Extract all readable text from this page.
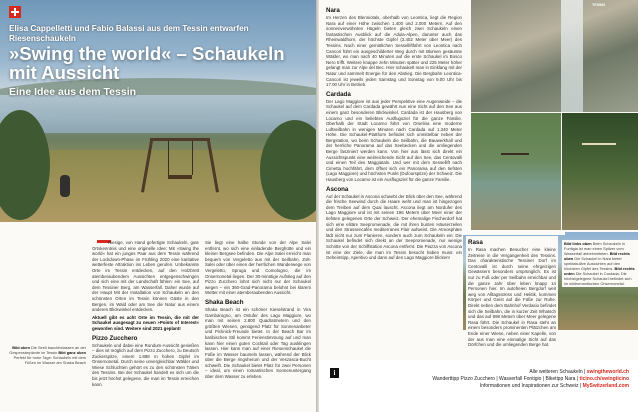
Elisa Cappelletti und Fabio Balassi aus dem Tessin entwarfen Riesenschaukeln
»Swing the world« – Schaukeln mit Aussicht
Eine Idee aus dem Tessin
Bild oben Die Seeli bauchbelassen an der Gespensterplante im Tessin Bild ganz oben Perfekt für hohe Tage: Schaukeln mit dem Füßen im Wasser am Shaka Beach

Riesige, von Hand gefertigte Schaukeln, gute Ortskenntnis und eine originelle Idee: Mit »Swing the world« hat ein junges Paar aus dem Tessin während der Lockdown-Phase im Frühling 2020 eine karitative wetterfeste Attraktion ins Leben gerufen. Unbekannte Orte im Tessin entdecken, auf den Holzbrett atemberaubendem Aussichten entgegenschwingen und sich eine mit der Landschaft fühlen: ein See, auf dem Tessiner Berg, am Wasserfall. Daher wurde auf der Haupt Mit der Installation von Schaukeln an den schönsten Orten im Tessin können Gäste in den Bergen, im Wald oder am See die Natur aus einem anderen Blickwinkel entdecken.

Aktuell gibt es acht Orte im Tessin, die mit der Schaukel ausgesagt zu neuen »Points of Interest« geworden sind. Weitere sind 2021 geplant!

Pizzo Zucchero

Schaukeln und dabei eine Rundum-Aussicht genießen – dies ist möglich auf dem Pizzo Zucchero, zu Deutsch Zuckerspitze, einem 1.888 m hohen Gipfel im Onsernonetal. Durch seine unvergleichbar Wälder und Wiese Schluchten gehört es zu den schönsten Tälern des Tessins. Bei der Schaukel handelt es sich um die bis jetzt höchst gelegene, die man im Tessin erreichen kann.

Sie liegt eine halbe Stunde von der Alpe Salei entfernt, wo sich eine einladende Berghütte und ein kleiner Bergsee befinden. Die Alpe Salei erreicht man bequem von Vergeletto aus mit der Seilbahn. Zolt-Salei oder über einen der herrlichen Wanderwege von Vergeletto, Spruga und Comologno, die im Onsernonetal liegen. Der 30-minütige Aufstieg auf den Pizzo Zucchero lohnt sich nicht nur der Schaukel wegen – ein 360-Grad-Panorama belohnt bei klarem Wetter mit einer atemberaubenden Aussicht.

Shaka Beach

Shaka Beach ist ein schöner Kieselstrand in Vira Gambarogno, am Ostufer des Lago Maggiore, wo man mit seinen 2.800 Quadratmetern und den größten Wiesen, genügend Platz für Sonnenanbeter und Picknick-Freunde bietet. In der Beach Bar im karibischen Stil kommt Ferienstimmung auf und man kann hier einen guten Cocktail oder Tag ausklingen lassen. Hier kann man auf einer Riesenschaukel die Füße im Wasser baumeln lassen, während der Blick über die Berge ringsherum und der Veszasca-Bucht schweift. Die Schaukel bietet Platz für zwei Personen – ideal, um einen romantischen Sonnenuntergang über dem Wasser zu erleben.

TESSIN
Nara

Im Herzen des Blenniotals, oberhalb von Leontica, liegt die Region Nara auf einer Höhe zwischen 1.400 und 2.000 Metern. Auf den sonnenverwöhnten Hügeln bieten gleich zwei Schaukeln einen fantastischen Ausblick auf die Adula-Alpen, darunter auch das Rheinwaldhorn, der höchste Gipfel (3.402 Meter über Meer) des Tessins. Nach einer gemütlichen Sesselliftfahrt von Leontica nach Cancori führt ein ausgeschilderter Weg durch mit Blumen gesäumte Wälder, wo man nach 40 Minuten auf die erste Schaukel im Bosco Nero trifft. Weitere knappe zehn Minuten später und 225 Meter höher gelangt man zur Alpe del Bec. Hier schaukelt man in Einklang mit der Natur und sammelt Energie für den Abstieg. Die Bergbahn Leontica-Cancori ist jeweils jeden Samstag und Sonntag von 9.00 Uhr bis 17.00 Uhr in Betrieb.

Cardada

Der Lago Maggiore ist aus jeder Perspektive eine Augenweide – die Schaukel auf dem Cardada gewährt nun eine Sicht auf den See aus einem ganz besonderen Blickwinkel. Cardada ist der Hausberg von Locarno und ein beliebtes Ausflugsziel für die ganze Familie. Oberhalb der Stadt Locarno führt von Orselina eine moderne Luftseilbahn in wenigen Minuten nach Cardada auf 1.340 Meter Höhe. Die Schaukel-Plattform befindet sich unmittelbar neben der Bergstation, wo beim Schaukeln die Seilbahn, die Bauwerkhall und der herrliche Panorama auf das Seebecken und die umliegenden Berge fasziniert werden kann. Von hier aus lässt sich direkt ein Aussichtspunkt eine weitreichende Sicht auf den See, das Centovalli und einen Teil des Maggiatals. Und wer mit dem Sessellift nach Cimetta hochfährt, dem öffnet sich ein Panorama auf den tiefsten (Lago Maggiore) und höchsten Punkt (Dufourspitze) der Schweiz. Die Hausberg von Locarno ist ein Ausflugsziel für die ganze Familie.

Ascona

Auf der Schaukel in Ascona schwebt der Blick über den See, während die frische Seewind durch die Haare weht und man ist hingezogen dem Treiben auf dem Quai lauscht. Ascona liegt am Nordufer des Lago Maggiore und ist mit seinen 196 Metern über Meer einer der tiefsten gelegenen Orte der Schweiz. Der ehemalige Fischerdorf hat sich eine elitäre Seepromenade, die mit ihren bunten Häuserzeilen und den Strassencafés mediterranes Flair aufweist. Die Atmosphäre lädt nicht nur zum Flanieren, sondern auch zum Schaukeln ein: Die Schaukel befindet sich direkt an der Seepromenade, nur wenige Schritte von der Schiffstation Ascona entfernt. Die Piazza von Ascona ist eine der Ziele, die man im Tessin besucht haben muss: ein Geheimtipp, Aperitivo und dann auf den Lago Maggiore blicken!

Rasa

In Rasa machen Besucher eine kleine Zeitreise in die Vergangenheit des Tessins. Das charakteristische Tessiner Dorf im Centovalli ist durch seine ehrgeizigen Gewässern besonders ursprünglich. Es ist nur zu Fuß oder per Seilbahn erreichbar und die ganze Jahr über leben knapp 14 Personen hier. Im autofreien Bergdorf weit weg von Alltagsstress und Hektik, kommen Körper und Geist auf die Füße zur Ruhe. Direkt neben dem Bahnhof Verdasio befindet sich die Seilbahn, die in kurzer Zeit Whatsch und das auf 898 Metern über Meer gelegene Rasa führt. Die Schaukel in Rasa steht an einem besonders prominenten Plätzchen am Ende einer Wiese, neben einer Kapelle, von der aus man eine einmalige Sicht auf das Dörfchen und die umliegenden Berge hat.

Bild links oben Beim Schaukeln in Fontigia ist man einen Spitzer vom Wasserfall abbeinmiteten. Bild rechts oben Die Schaukel in Nara bietet spektakuläre Aussichten auf den höchsten Gipfel des Tessins. Bild rechts unten Die Schaukel in Cardada: Die höchstgelegene Schaukel befindet sich im wildromantischen Onsernonetal.
i	Alle weiteren Schaukeln | swingtheworld.ch
Wanderttipp Pizzo Zucchero | Wasserfall Fontigio | Biketipp Nara | ticino.ch/swingticino
Informationen und Inspirationen zur Schweiz | MySwitzerland.com
